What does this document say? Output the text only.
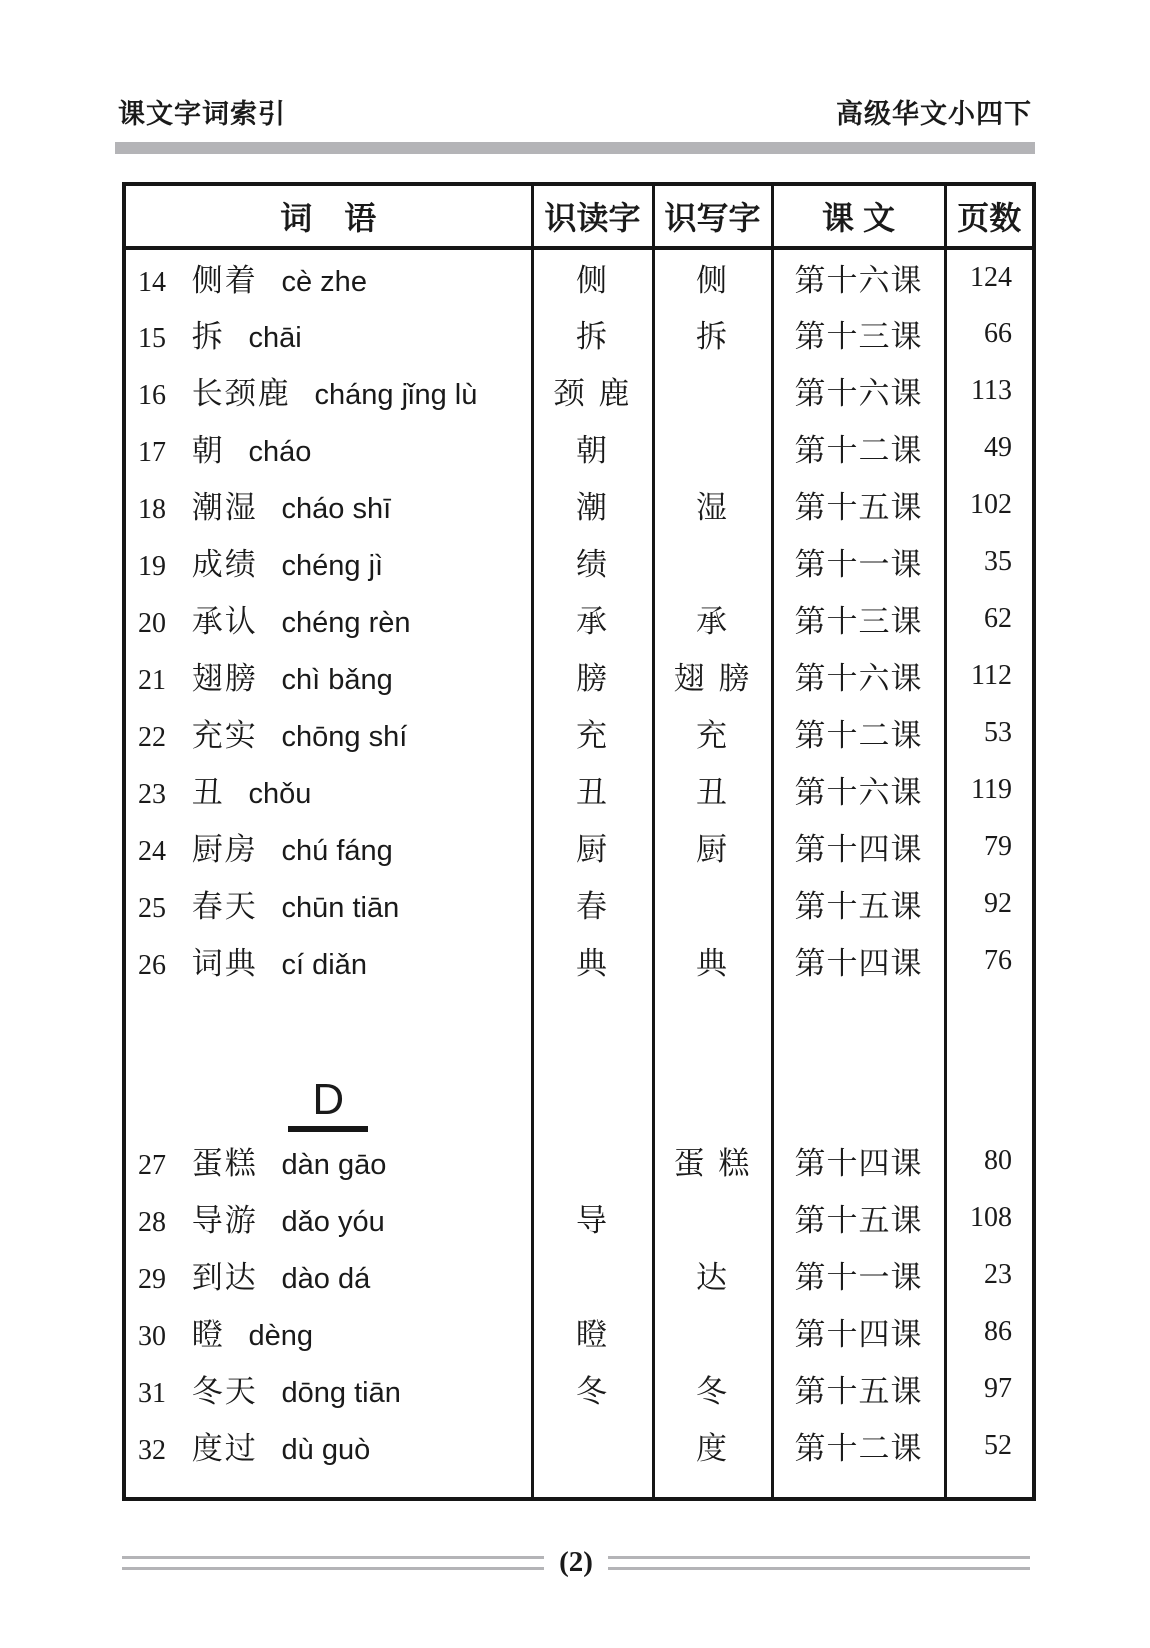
课文字词索引	高级华文小四下
词　语	识读字	识写字	课 文	页数
14 侧着 cè zhe	侧	侧	第十六课	124
15 拆 chāi	拆	拆	第十三课	66
16 长颈鹿 cháng jǐng lù	颈 鹿		第十六课	113
17 朝 cháo	朝		第十二课	49
18 潮湿 cháo shī	潮	湿	第十五课	102
19 成绩 chéng jì	绩		第十一课	35
20 承认 chéng rèn	承	承	第十三课	62
21 翅膀 chì bǎng	膀	翅 膀	第十六课	112
22 充实 chōng shí	充	充	第十二课	53
23 丑 chǒu	丑	丑	第十六课	119
24 厨房 chú fáng	厨	厨	第十四课	79
25 春天 chūn tiān	春		第十五课	92
26 词典 cí diǎn	典	典	第十四课	76
D				
27 蛋糕 dàn gāo		蛋 糕	第十四课	80
28 导游 dǎo yóu	导		第十五课	108
29 到达 dào dá		达	第十一课	23
30 瞪 dèng	瞪		第十四课	86
31 冬天 dōng tiān	冬	冬	第十五课	97
32 度过 dù guò		度	第十二课	52

(2)
